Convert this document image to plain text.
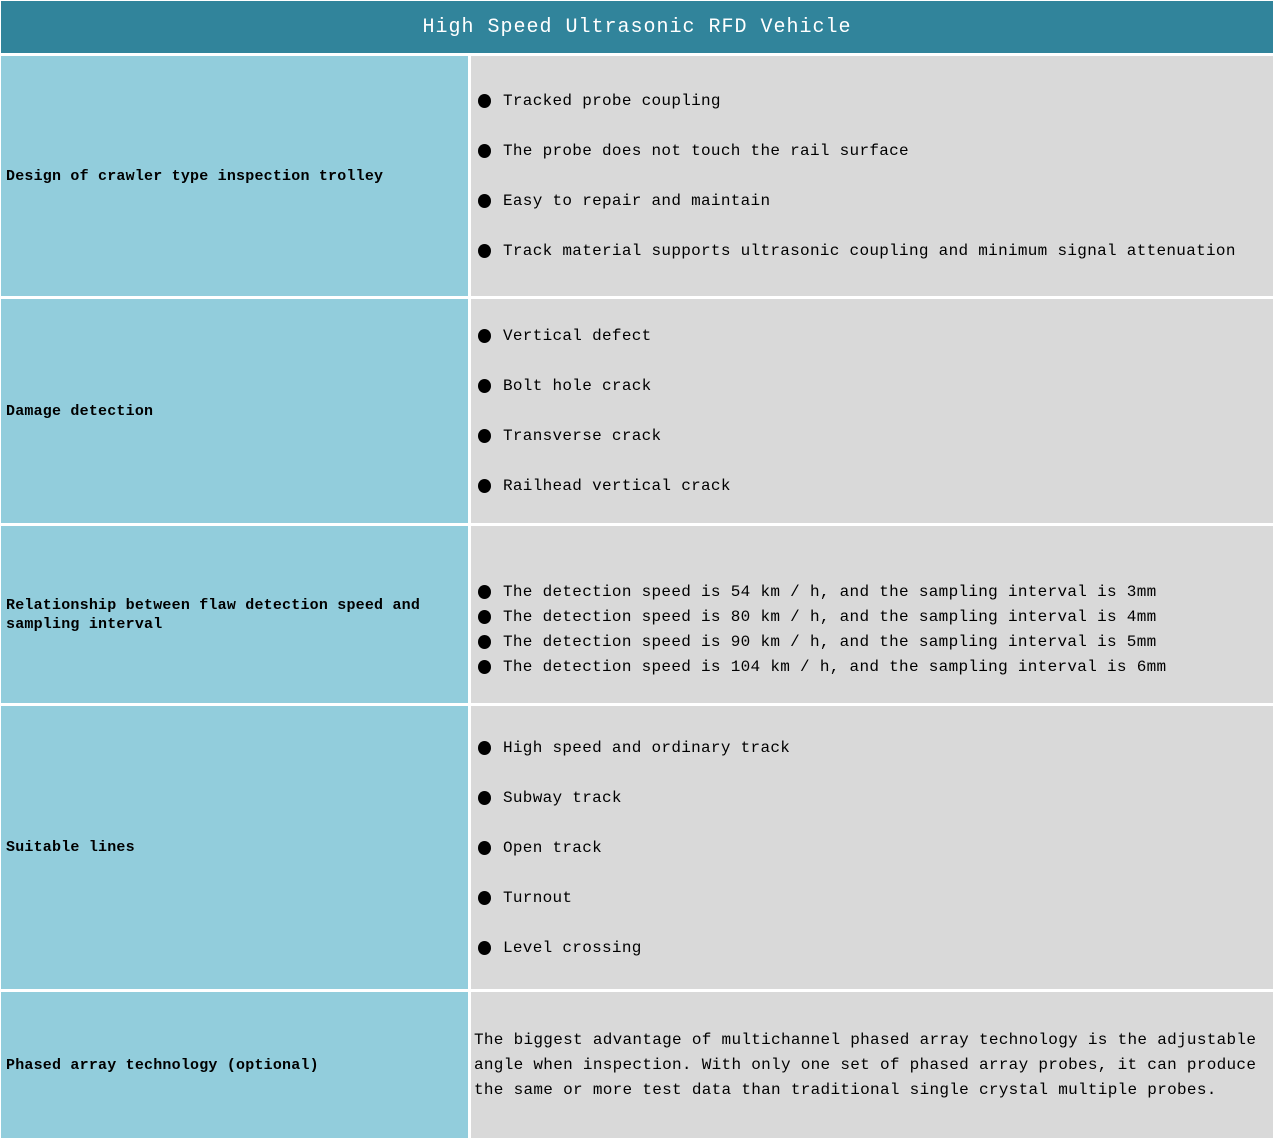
High Speed Ultrasonic RFD Vehicle
Design of crawler type inspection trolley
Tracked probe coupling
The probe does not touch the rail surface
Easy to repair and maintain
Track material supports ultrasonic coupling and minimum signal attenuation
Damage detection
Vertical defect
Bolt hole crack
Transverse crack
Railhead vertical crack
Relationship between flaw detection speed and sampling interval
The detection speed is 54 km / h, and the sampling interval is 3mm
The detection speed is 80 km / h, and the sampling interval is 4mm
The detection speed is 90 km / h, and the sampling interval is 5mm
The detection speed is 104 km / h, and the sampling interval is 6mm
Suitable lines
High speed and ordinary track
Subway track
Open track
Turnout
Level crossing
Phased array technology (optional)

The biggest advantage of multichannel phased array technology is the adjustable angle when inspection. With only one set of phased array probes, it can produce the same or more test data than traditional single crystal multiple probes.
